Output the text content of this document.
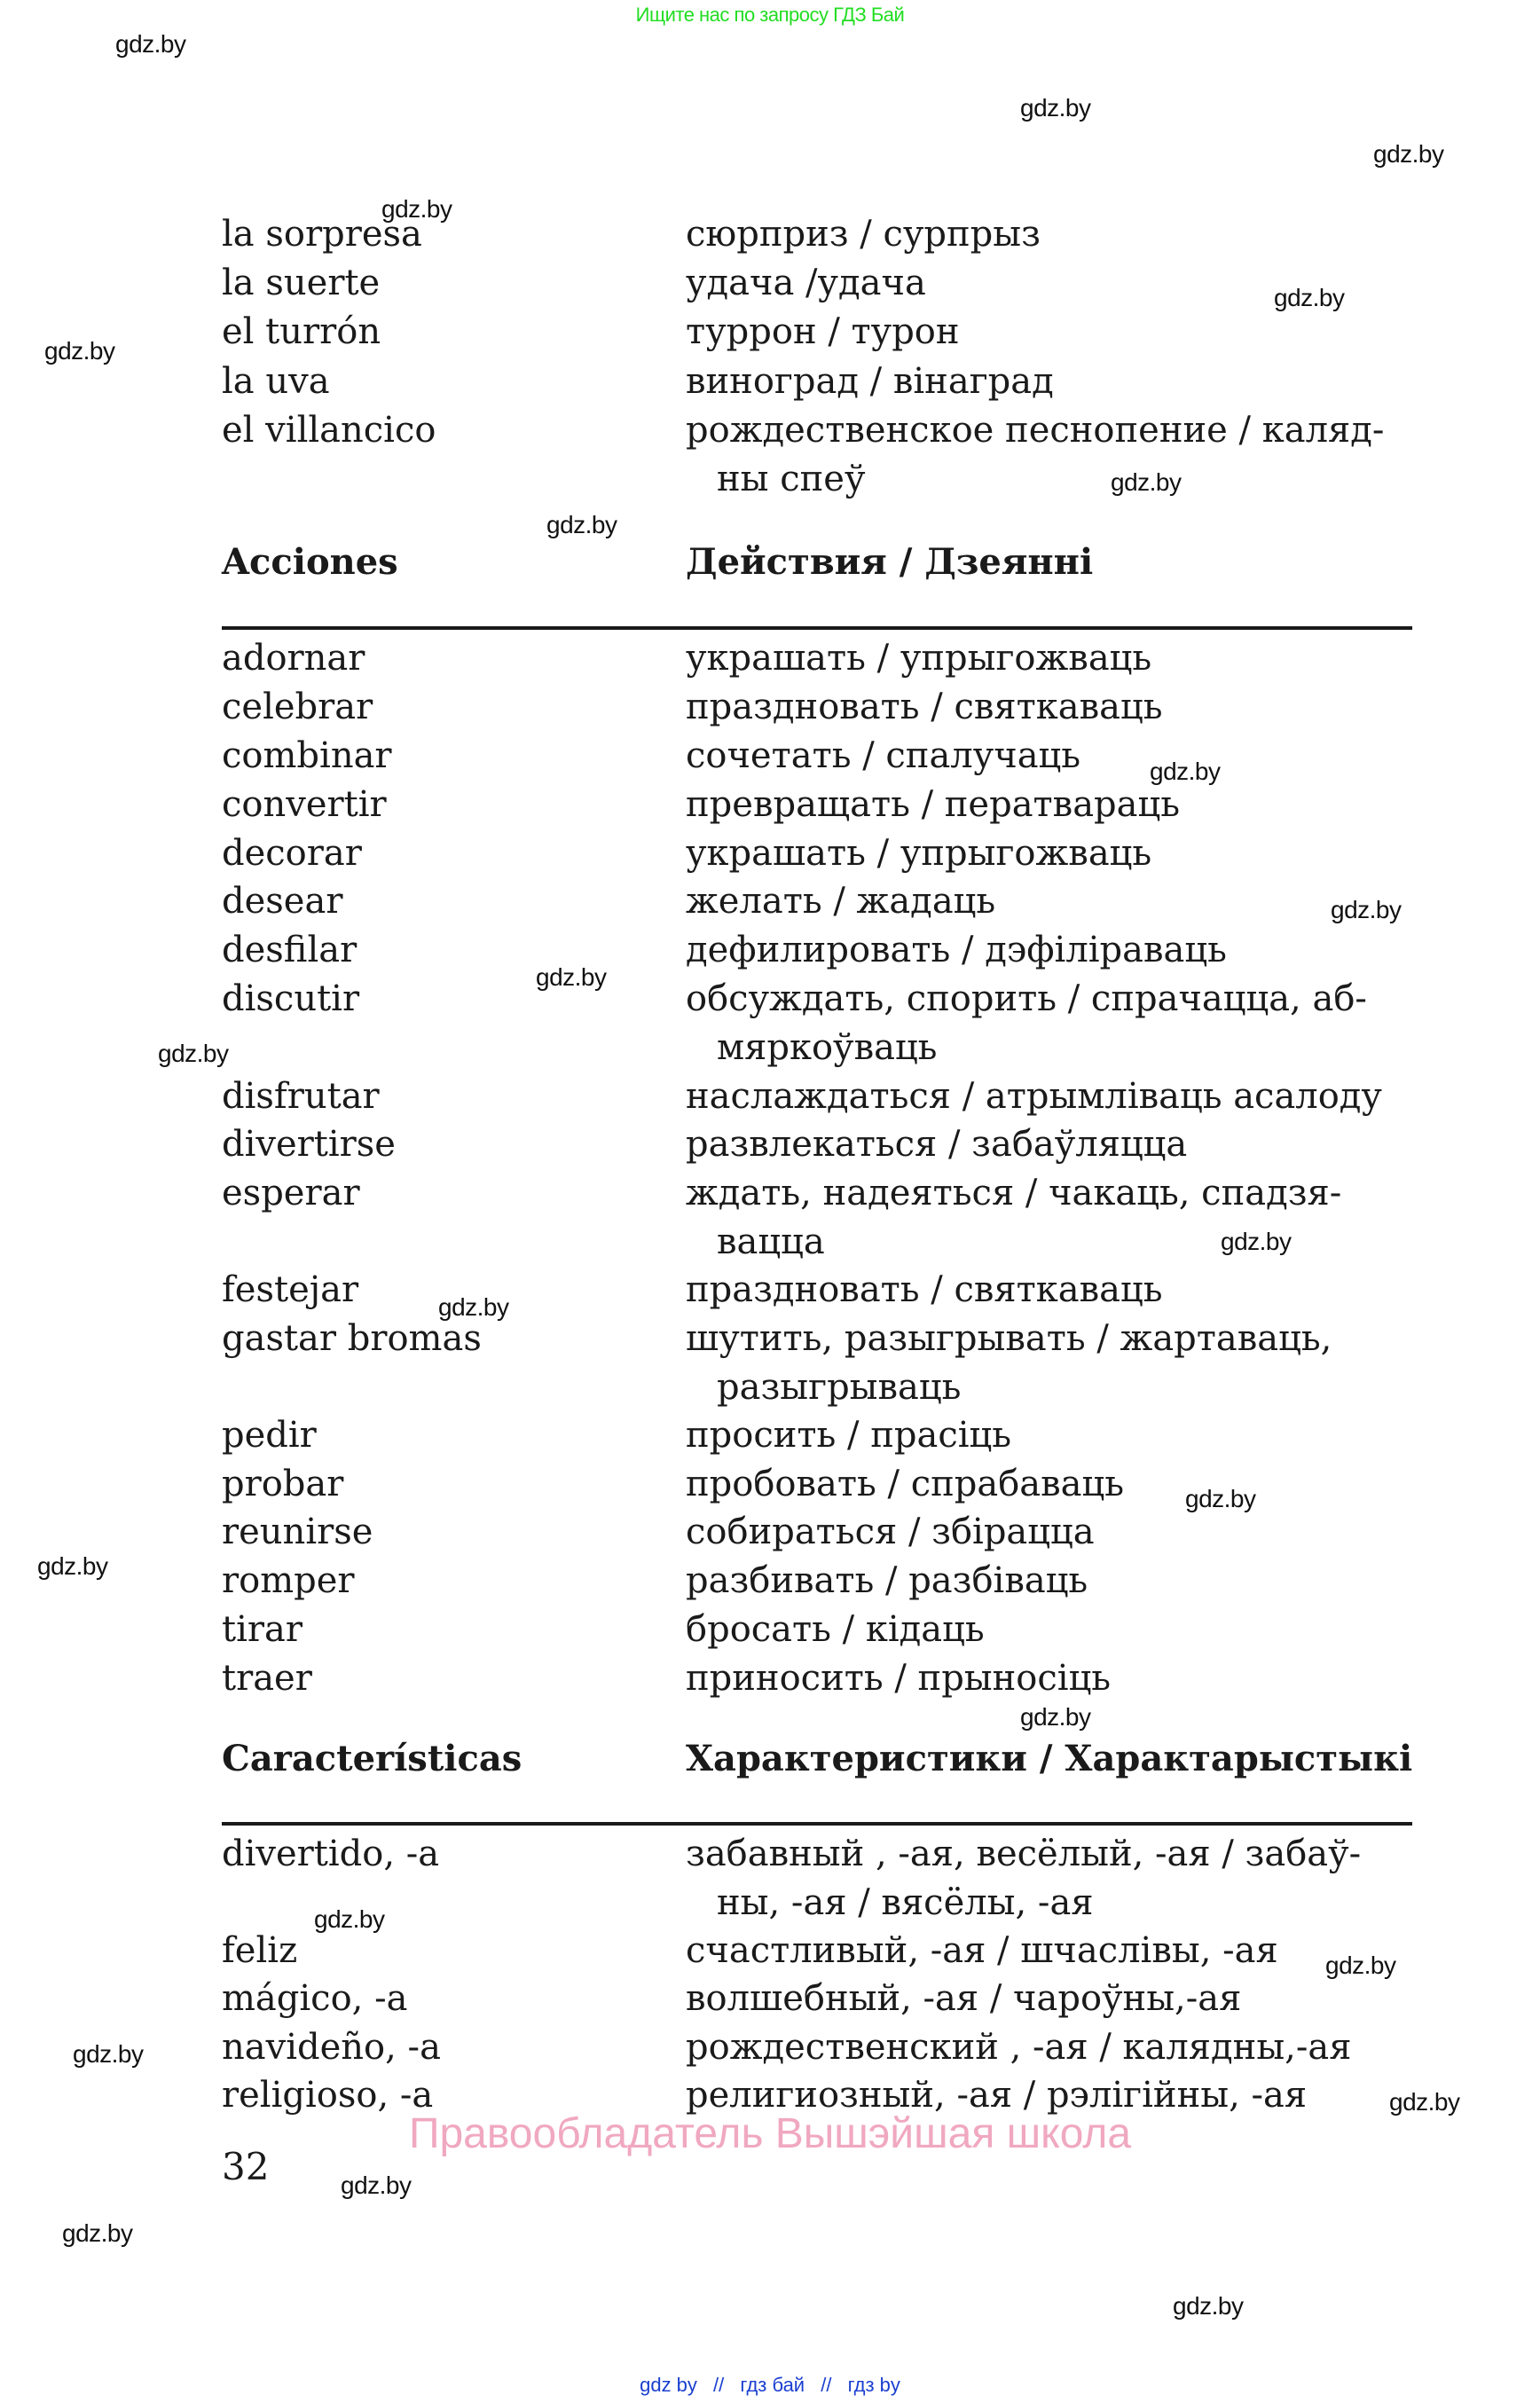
Ищите нас по запросу ГДЗ Бай
gdz.by
gdz.by
gdz.by
gdz.by
gdz.by
gdz.by
gdz.by
gdz.by
gdz.by
gdz.by
gdz.by
gdz.by
gdz.by
gdz.by
gdz.by
gdz.by
gdz.by
gdz.by
gdz.by
gdz.by
gdz.by
gdz.by
gdz.by
gdz.by
la sorpresa	сюрприз / сурпрыз
la suerte	удача /удача
el turrón	туррон / турон
la uva	виноград / вінаград
el villancico	рождественское песнопение / каляд-
ны спеў
Acciones	Действия / Дзеянні
adornar	украшать / упрыгожваць
celebrar	праздновать / святкаваць
combinar	сочетать / спалучаць
convertir	превращать / ператвараць
decorar	украшать / упрыгожваць
desear	желать / жадаць
desfilar	дефилировать / дэфіліраваць
discutir	обсуждать, спорить / спрачацца, аб-
мяркоўваць
disfrutar	наслаждаться / атрымліваць асалоду
divertirse	развлекаться / забаўляцца
esperar	ждать, надеяться / чакаць, спадзя-
вацца
festejar	праздновать / святкаваць
gastar bromas	шутить, разыгрывать / жартаваць,
разыгрываць
pedir	просить / прасіць
probar	пробовать / спрабаваць
reunirse	собираться / збірацца
romper	разбивать / разбіваць
tirar	бросать / кідаць
traer	приносить / прыносіць
Características	Характеристики / Характарыстыкі
divertido, -a	забавный , -ая, весёлый, -ая / забаў-
ны, -ая / вясёлы, -ая
feliz	счастливый, -ая / шчаслівы, -ая
mágico, -a	волшебный, -ая / чароўны,-ая
navideño, -a	рождественский , -ая / калядны,-ая
religioso, -a	религиозный, -ая / рэлігійны, -ая
Правообладатель Вышэйшая школа
32
gdz by // гдз бай // гдз by
